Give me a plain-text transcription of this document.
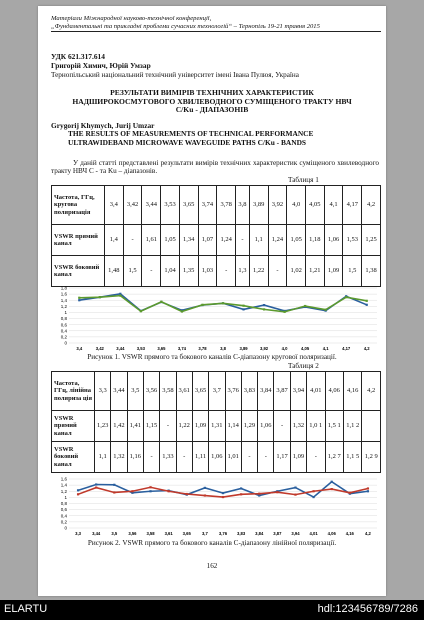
Матеріали Міжнародної науково-технічної конференції,
„Фундаментальні та прикладні проблеми сучасних технологій“ – Тернопіль 19-21 травня 2015
УДК 621.317.614
Григорій Химич, Юрій Умзар
Тернопільський національний технічний університет імені Івана Пулюя, Україна
РЕЗУЛЬТАТИ ВИМІРІВ ТЕХНІЧНИХ ХАРАКТЕРИСТИК
НАДШИРОКОСМУГОВОГО ХВИЛЕВОДНОГО СУМІЩЕНОГО ТРАКТУ НВЧ
C/Ku - ДІАПАЗОНІВ
Grygorij Khymych, Jurij Umzar
THE RESULTS OF MEASUREMENTS OF TECHNICAL PERFORMANCE
ULTRAWIDEBAND MICROWAVE WAVEGUIDE PATHS C/Ku - BANDS
У даній статті представлені результати вимірів технічних характеристик суміщеного хвилеводного тракту НВЧ С - та Ku – діапазонів.
Таблиця 1
Частота, ГГц, кругова поляризація	3,4	3,42	3,44	3,53	3,65	3,74	3,78	3,8	3,89	3,92	4,0	4,05	4,1	4,17	4,2
VSWR прямий канал	1,4	-	1,61	1,05	1,34	1,07	1,24	-	1,1	1,24	1,05	1,18	1,06	1,53	1,25
VSWR боковий канал	1,48	1,5	-	1,04	1,35	1,03	-	1,3	1,22	-	1,02	1,21	1,09	1,5	1,38
0
0,2
0,4
0,6
0,8
1
1,2
1,4
1,6
1,8
3,4	3,42	3,44	3,53	3,65	3,74	3,78	3,8	3,89	3,92	4,0	4,05	4,1	4,17	4,2
Рисунок 1. VSWR прямого та бокового каналів С-діапазону кругової поляризації.
Таблиця 2
Частота, ГГц, лінійна поляриза ція	3,3	3,44	3,5	3,56	3,58	3,61	3,65	3,7	3,76	3,83	3,84	3,87	3,94	4,01	4,06	4,16	4,2
VSWR прямий канал	1,23	1,42	1,41	1,15	-	1,22	1,09	1,31	1,14	1,29	1,06	-	1,32	1,0 1	1,5 1	1,1 2	
VSWR боковий канал	1,1	1,32	1,16	-	1,33	-	1,11	1,06	1,01	-	-	1,17	1,09	-	1,2 7	1,1 5	1,2 9
0
0,2
0,4
0,6
0,8
1
1,2
1,4
1,6
3,3	3,44	3,5	3,56 3,58 3,61 3,65	3,7	3,76 3,83 3,84 3,87 3,94 4,01 4,06 4,16	4,2
Рисунок 2. VSWR прямого та бокового каналів С-діапазону лінійної поляризації.
162
ELARTU	hdl:123456789/7286
